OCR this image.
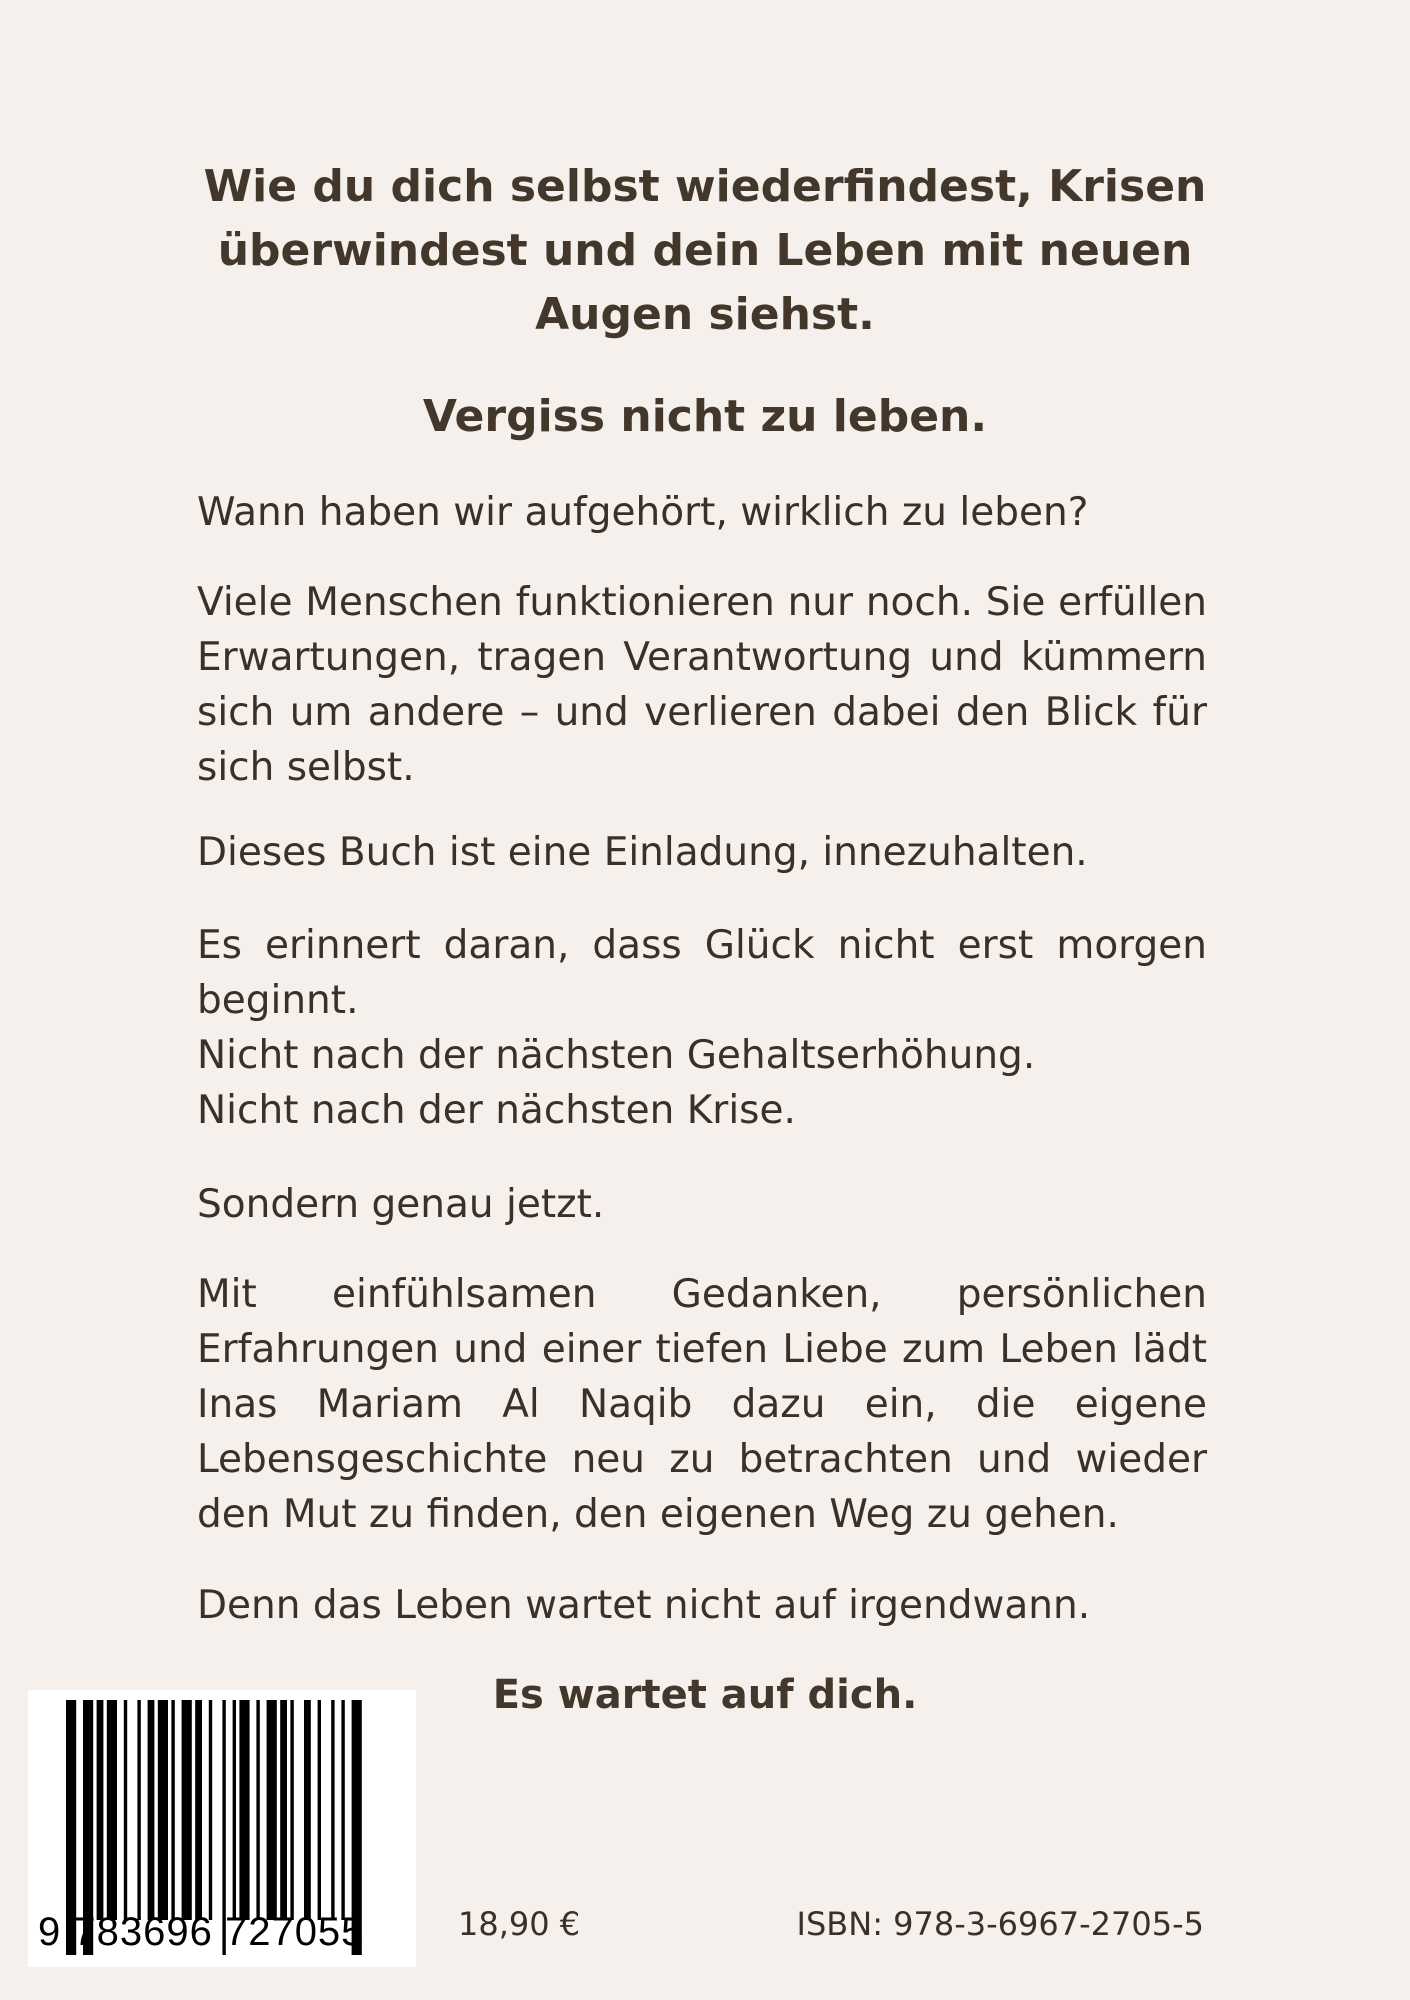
Wie du dich selbst wiederfindest, Krisen überwindest und dein Leben mit neuen Augen siehst.
Vergiss nicht zu leben.

Wann haben wir aufgehört, wirklich zu leben?

Viele Menschen funktionieren nur noch. Sie erfüllen Erwartungen, tragen Verantwortung und kümmern sich um andere – und verlieren dabei den Blick für sich selbst.

Dieses Buch ist eine Einladung, innezuhalten.

Es erinnert daran, dass Glück nicht erst morgen beginnt.
Nicht nach der nächsten Gehaltserhöhung.
Nicht nach der nächsten Krise.

Sondern genau jetzt.

Mit einfühlsamen Gedanken, persönlichen Erfahrungen und einer tiefen Liebe zum Leben lädt Inas Mariam Al Naqib dazu ein, die eigene Lebensgeschichte neu zu betrachten und wieder den Mut zu finden, den eigenen Weg zu gehen.

Denn das Leben wartet nicht auf irgendwann.

Es wartet auf dich.

9 783696 727055	18,90 €	ISBN: 978-3-6967-2705-5
